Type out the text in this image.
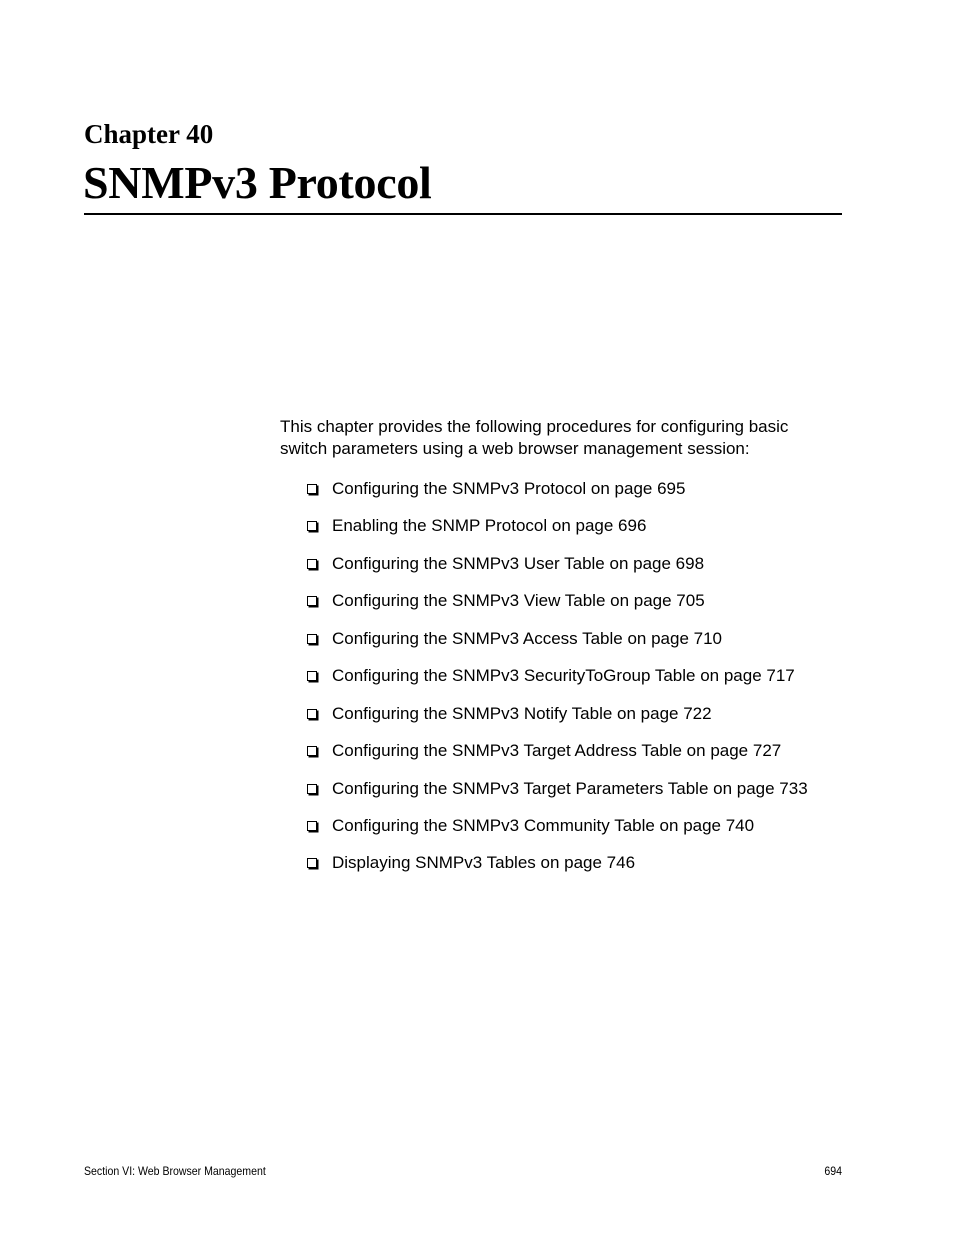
Chapter 40
SNMPv3 Protocol

This chapter provides the following procedures for configuring basic switch parameters using a web browser management session:

Configuring the SNMPv3 Protocol on page 695
Enabling the SNMP Protocol on page 696
Configuring the SNMPv3 User Table on page 698
Configuring the SNMPv3 View Table on page 705
Configuring the SNMPv3 Access Table on page 710
Configuring the SNMPv3 SecurityToGroup Table on page 717
Configuring the SNMPv3 Notify Table on page 722
Configuring the SNMPv3 Target Address Table on page 727
Configuring the SNMPv3 Target Parameters Table on page 733
Configuring the SNMPv3 Community Table on page 740
Displaying SNMPv3 Tables on page 746
Section VI: Web Browser Management	694
